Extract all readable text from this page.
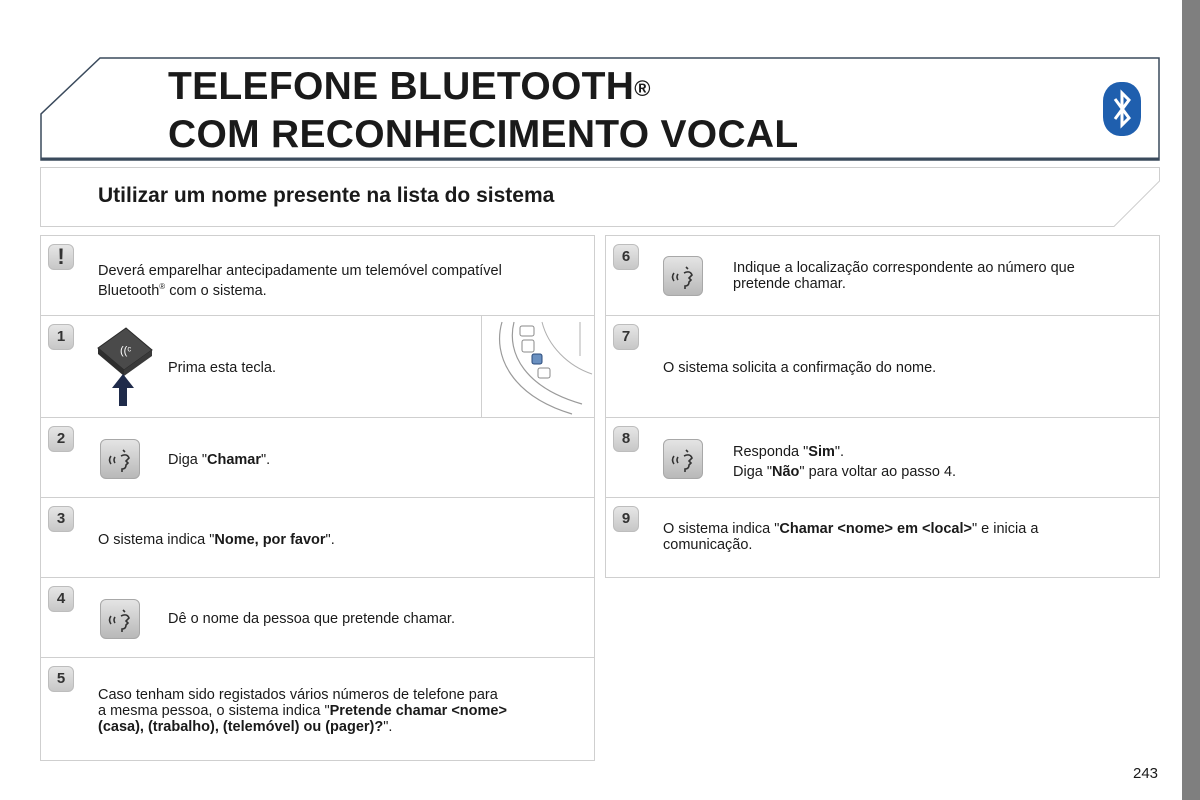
TELEFONE BLUETOOTH®
COM RECONHECIMENTO VOCAL
Utilizar um nome presente na lista do sistema
!
Deverá emparelhar antecipadamente um telemóvel compatível
Bluetooth® com o sistema.
1
((ᶜ
Prima esta tecla.
2
Diga "Chamar".
3
O sistema indica "Nome, por favor".
4
Dê o nome da pessoa que pretende chamar.
5
Caso tenham sido registados vários números de telefone para
a mesma pessoa, o sistema indica "Pretende chamar <nome>
(casa), (trabalho), (telemóvel) ou (pager)?".
6
Indique a localização correspondente ao número que
pretende chamar.
7
O sistema solicita a confirmação do nome.
8
Responda "Sim".
Diga "Não" para voltar ao passo 4.
9
O sistema indica "Chamar <nome> em <local>" e inicia a
comunicação.
243
